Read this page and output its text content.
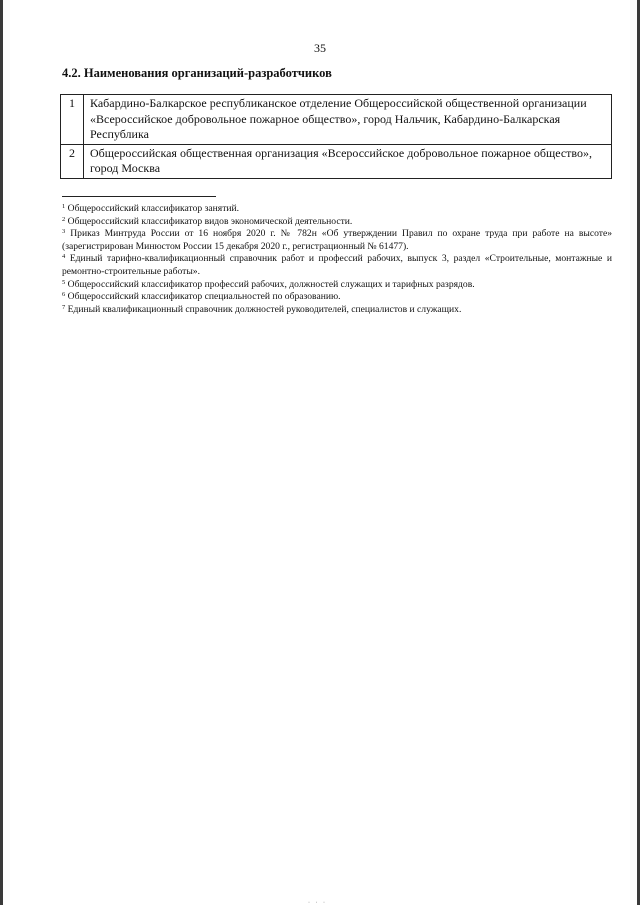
35
4.2. Наименования организаций-разработчиков
1	Кабардино-Балкарское республиканское отделение Общероссийской общественной организации «Всероссийское добровольное пожарное общество», город Нальчик, Кабардино-Балкарская Республика
2	Общероссийская общественная организация «Всероссийское добровольное пожарное общество», город Москва

$^1$ Общероссийский классификатор занятий.

$^2$ Общероссийский классификатор видов экономической деятельности.

$^3$ Приказ Минтруда России от 16 ноября 2020 г. № 782н «Об утверждении Правил по охране труда при работе на высоте» (зарегистрирован Минюстом России 15 декабря 2020 г., регистрационный № 61477).

$^4$ Единый тарифно-квалификационный справочник работ и профессий рабочих, выпуск 3, раздел «Строительные, монтажные и ремонтно-строительные работы».

$^5$ Общероссийский классификатор профессий рабочих, должностей служащих и тарифных разрядов.

$^6$ Общероссийский классификатор специальностей по образованию.

$^7$ Единый квалификационный справочник должностей руководителей, специалистов и служащих.

· · ·
